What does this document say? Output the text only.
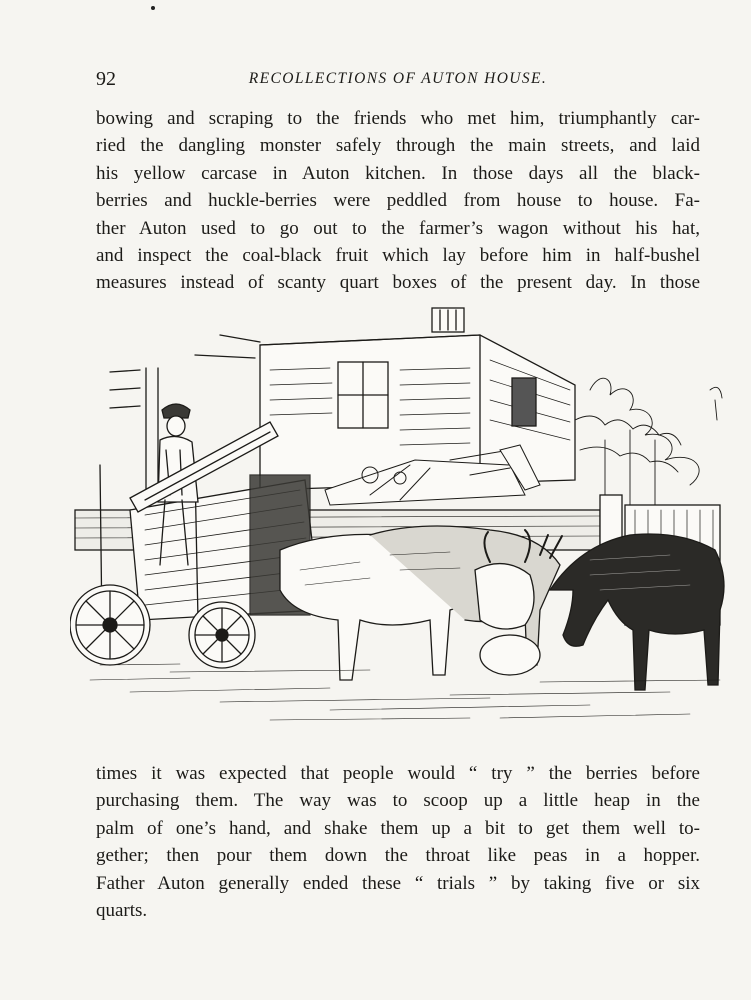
92	RECOLLECTIONS OF AUTON HOUSE.
bowing and scraping to the friends who met him, triumphantly car-
ried the dangling monster safely through the main streets, and laid
his yellow carcase in Auton kitchen. In those days all the black-
berries and huckle-berries were peddled from house to house. Fa-
ther Auton used to go out to the farmer’s wagon without his hat,
and inspect the coal-black fruit which lay before him in half-bushel
measures instead of scanty quart boxes of the present day. In those
times it was expected that people would “ try ” the berries before
purchasing them. The way was to scoop up a little heap in the
palm of one’s hand, and shake them up a bit to get them well to-
gether; then pour them down the throat like peas in a hopper.
Father Auton generally ended these “ trials ” by taking five or six
quarts.
